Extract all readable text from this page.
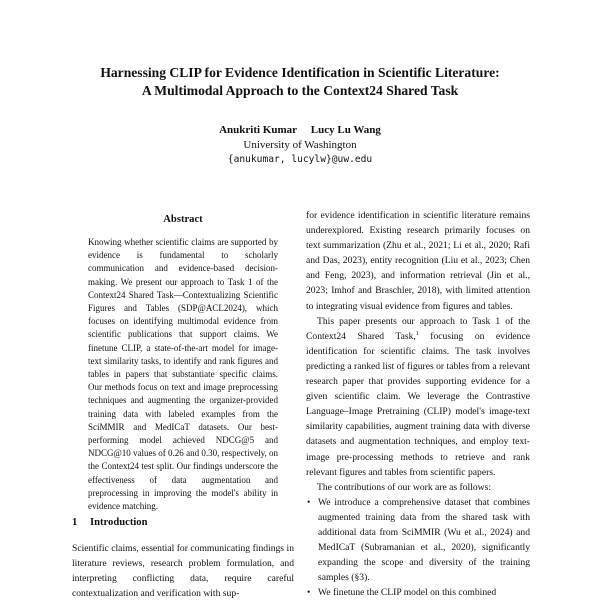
Harnessing CLIP for Evidence Identification in Scientific Literature:
A Multimodal Approach to the Context24 Shared Task
Anukriti Kumar Lucy Lu Wang
University of Washington
{anukumar, lucylw}@uw.edu
Abstract
Knowing whether scientific claims are supported by evidence is fundamental to scholarly communication and evidence-based decision-making. We present our approach to Task 1 of the Context24 Shared Task—Contextualizing Scientific Figures and Tables (SDP@ACL2024), which focuses on identifying multimodal evidence from scientific publications that support claims. We finetune CLIP, a state-of-the-art model for image-text similarity tasks, to identify and rank figures and tables in papers that substantiate specific claims. Our methods focus on text and image preprocessing techniques and augmenting the organizer-provided training data with labeled examples from the SciMMIR and MedICaT datasets. Our best-performing model achieved NDCG@5 and NDCG@10 values of 0.26 and 0.30, respectively, on the Context24 test split. Our findings underscore the effectiveness of data augmentation and preprocessing in improving the model's ability in evidence matching.
1 Introduction
Scientific claims, essential for communicating findings in literature reviews, research problem formulation, and interpreting conflicting data, require careful contextualization and verification with sup-

for evidence identification in scientific literature remains underexplored. Existing research primarily focuses on text summarization (Zhu et al., 2021; Li et al., 2020; Rafi and Das, 2023), entity recognition (Liu et al., 2023; Chen and Feng, 2023), and information retrieval (Jin et al., 2023; Imhof and Braschler, 2018), with limited attention to integrating visual evidence from figures and tables.

This paper presents our approach to Task 1 of the Context24 Shared Task,$^1$ focusing on evidence identification for scientific claims. The task involves predicting a ranked list of figures or tables from a relevant research paper that provides supporting evidence for a given scientific claim. We leverage the Contrastive Language–Image Pretraining (CLIP) model's image-text similarity capabilities, augment training data with diverse datasets and augmentation techniques, and employ text-image pre-processing methods to retrieve and rank relevant figures and tables from scientific papers.

The contributions of our work are as follows:

• We introduce a comprehensive dataset that combines augmented training data from the shared task with additional data from SciMMIR (Wu et al., 2024) and MedICaT (Subramanian et al., 2020), significantly expanding the scope and diversity of the training samples (§3).
• We finetune the CLIP model on this combined
